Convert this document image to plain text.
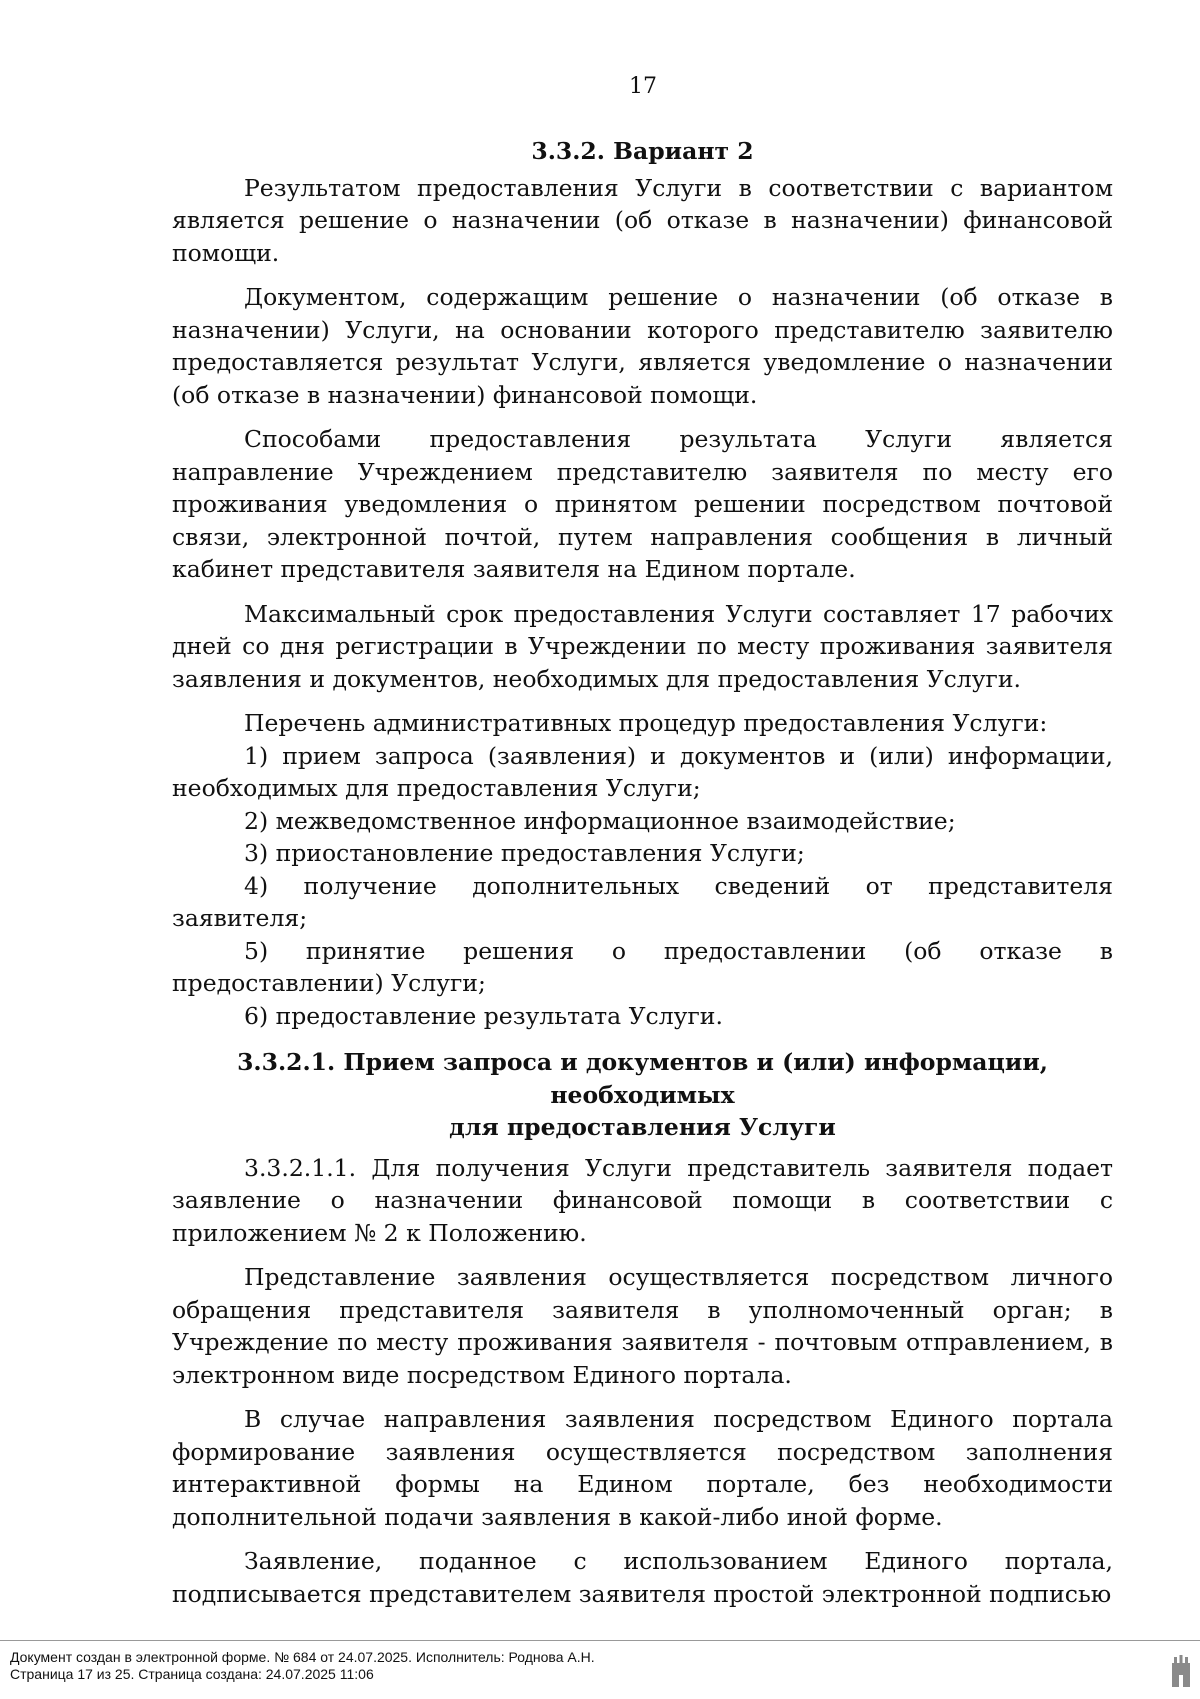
17

3.3.2. Вариант 2

Результатом предоставления Услуги в соответствии с вариантом является решение о назначении (об отказе в назначении) финансовой помощи.

Документом, содержащим решение о назначении (об отказе в назначении) Услуги, на основании которого представителю заявителю предоставляется результат Услуги, является уведомление о назначении (об отказе в назначении) финансовой помощи.

Способами предоставления результата Услуги является направление Учреждением представителю заявителя по месту его проживания уведомления о принятом решении посредством почтовой связи, электронной почтой, путем направления сообщения в личный кабинет представителя заявителя на Едином портале.

Максимальный срок предоставления Услуги составляет 17 рабочих дней со дня регистрации в Учреждении по месту проживания заявителя заявления и документов, необходимых для предоставления Услуги.

Перечень административных процедур предоставления Услуги:

1) прием запроса (заявления) и документов и (или) информации, необходимых для предоставления Услуги;

2) межведомственное информационное взаимодействие;

3) приостановление предоставления Услуги;

4) получение дополнительных сведений от представителя заявителя;

5) принятие решения о предоставлении (об отказе в предоставлении) Услуги;

6) предоставление результата Услуги.

3.3.2.1. Прием запроса и документов и (или) информации, необходимых
для предоставления Услуги

3.3.2.1.1. Для получения Услуги представитель заявителя подает заявление о назначении финансовой помощи в соответствии с приложением № 2 к Положению.

Представление заявления осуществляется посредством личного обращения представителя заявителя в уполномоченный орган; в Учреждение по месту проживания заявителя - почтовым отправлением, в электронном виде посредством Единого портала.

В случае направления заявления посредством Единого портала формирование заявления осуществляется посредством заполнения интерактивной формы на Едином портале, без необходимости дополнительной подачи заявления в какой-либо иной форме.

Заявление, поданное с использованием Единого портала, подписывается представителем заявителя простой электронной подписью

Документ создан в электронной форме. № 684 от 24.07.2025. Исполнитель: Роднова А.Н.
Страница 17 из 25. Страница создана: 24.07.2025 11:06
